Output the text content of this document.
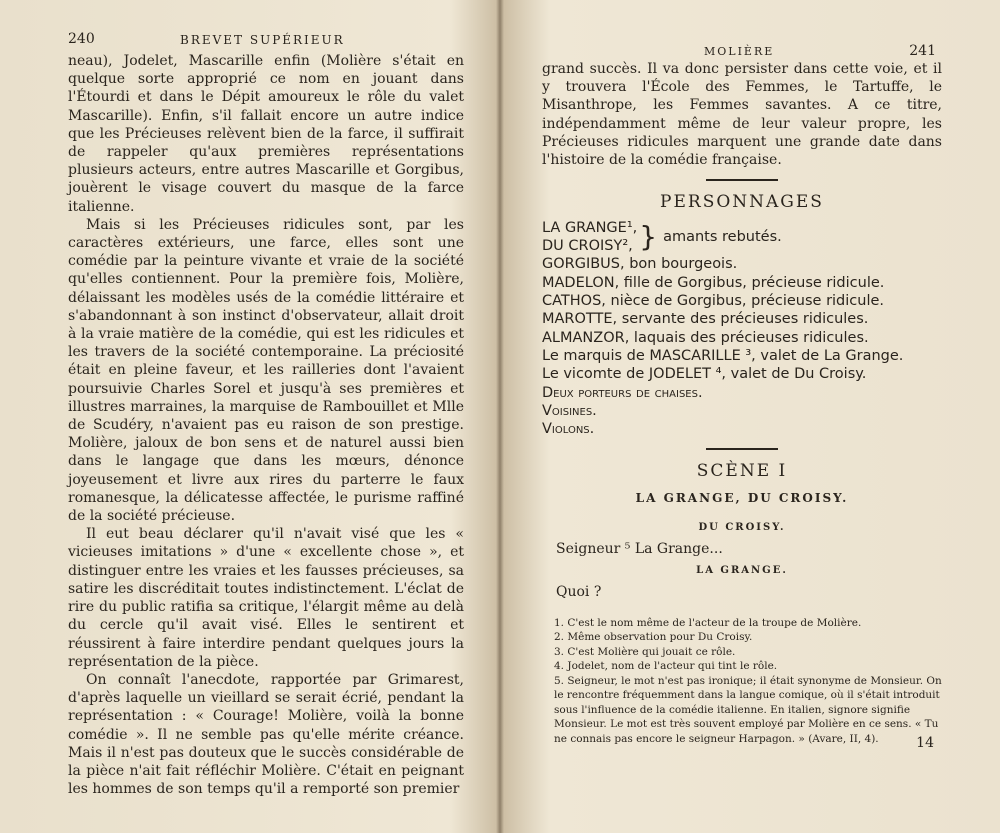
240	BREVET SUPÉRIEUR

neau), Jodelet, Mascarille enfin (Molière s'était en quelque sorte approprié ce nom en jouant dans l'Étourdi et dans le Dépit amoureux le rôle du valet Mascarille). Enfin, s'il fallait encore un autre indice que les Précieuses relèvent bien de la farce, il suffirait de rappeler qu'aux premières représentations plusieurs acteurs, entre autres Mascarille et Gorgibus, jouèrent le visage couvert du masque de la farce italienne.

Mais si les Précieuses ridicules sont, par les caractères extérieurs, une farce, elles sont une comédie par la peinture vivante et vraie de la société qu'elles contiennent. Pour la première fois, Molière, délaissant les modèles usés de la comédie littéraire et s'abandonnant à son instinct d'observateur, allait droit à la vraie matière de la comédie, qui est les ridicules et les travers de la société contemporaine. La préciosité était en pleine faveur, et les railleries dont l'avaient poursuivie Charles Sorel et jusqu'à ses premières et illustres marraines, la marquise de Rambouillet et Mlle de Scudéry, n'avaient pas eu raison de son prestige. Molière, jaloux de bon sens et de naturel aussi bien dans le langage que dans les mœurs, dénonce joyeusement et livre aux rires du parterre le faux romanesque, la délicatesse affectée, le purisme raffiné de la société précieuse.

Il eut beau déclarer qu'il n'avait visé que les « vicieuses imitations » d'une « excellente chose », et distinguer entre les vraies et les fausses précieuses, sa satire les discréditait toutes indistinctement. L'éclat de rire du public ratifia sa critique, l'élargit même au delà du cercle qu'il avait visé. Elles le sentirent et réussirent à faire interdire pendant quelques jours la représentation de la pièce.

On connaît l'anecdote, rapportée par Grimarest, d'après laquelle un vieillard se serait écrié, pendant la représentation : « Courage! Molière, voilà la bonne comédie ». Il ne semble pas qu'elle mérite créance. Mais il n'est pas douteux que le succès considérable de la pièce n'ait fait réfléchir Molière. C'était en peignant les hommes de son temps qu'il a remporté son premier

MOLIÈRE	241

grand succès. Il va donc persister dans cette voie, et il y trouvera l'École des Femmes, le Tartuffe, le Misanthrope, les Femmes savantes. A ce titre, indépendamment même de leur valeur propre, les Précieuses ridicules marquent une grande date dans l'histoire de la comédie française.

PERSONNAGES
LA GRANGE¹,
DU CROISY², } amants rebutés.
GORGIBUS, bon bourgeois.
MADELON, fille de Gorgibus, précieuse ridicule.
CATHOS, nièce de Gorgibus, précieuse ridicule.
MAROTTE, servante des précieuses ridicules.
ALMANZOR, laquais des précieuses ridicules.
Le marquis de MASCARILLE ³, valet de La Grange.
Le vicomte de JODELET ⁴, valet de Du Croisy.
Deux porteurs de chaises.
Voisines.
Violons.
SCÈNE I
LA GRANGE, DU CROISY.
DU CROISY.
Seigneur ⁵ La Grange...
LA GRANGE.
Quoi ?
1. C'est le nom même de l'acteur de la troupe de Molière.
2. Même observation pour Du Croisy.
3. C'est Molière qui jouait ce rôle.
4. Jodelet, nom de l'acteur qui tint le rôle.
5. Seigneur, le mot n'est pas ironique; il était synonyme de Monsieur. On le rencontre fréquemment dans la langue comique, où il s'était introduit sous l'influence de la comédie italienne. En italien, signore signifie Monsieur. Le mot est très souvent employé par Molière en ce sens. « Tu ne connais pas encore le seigneur Harpagon. » (Avare, II, 4).	14
